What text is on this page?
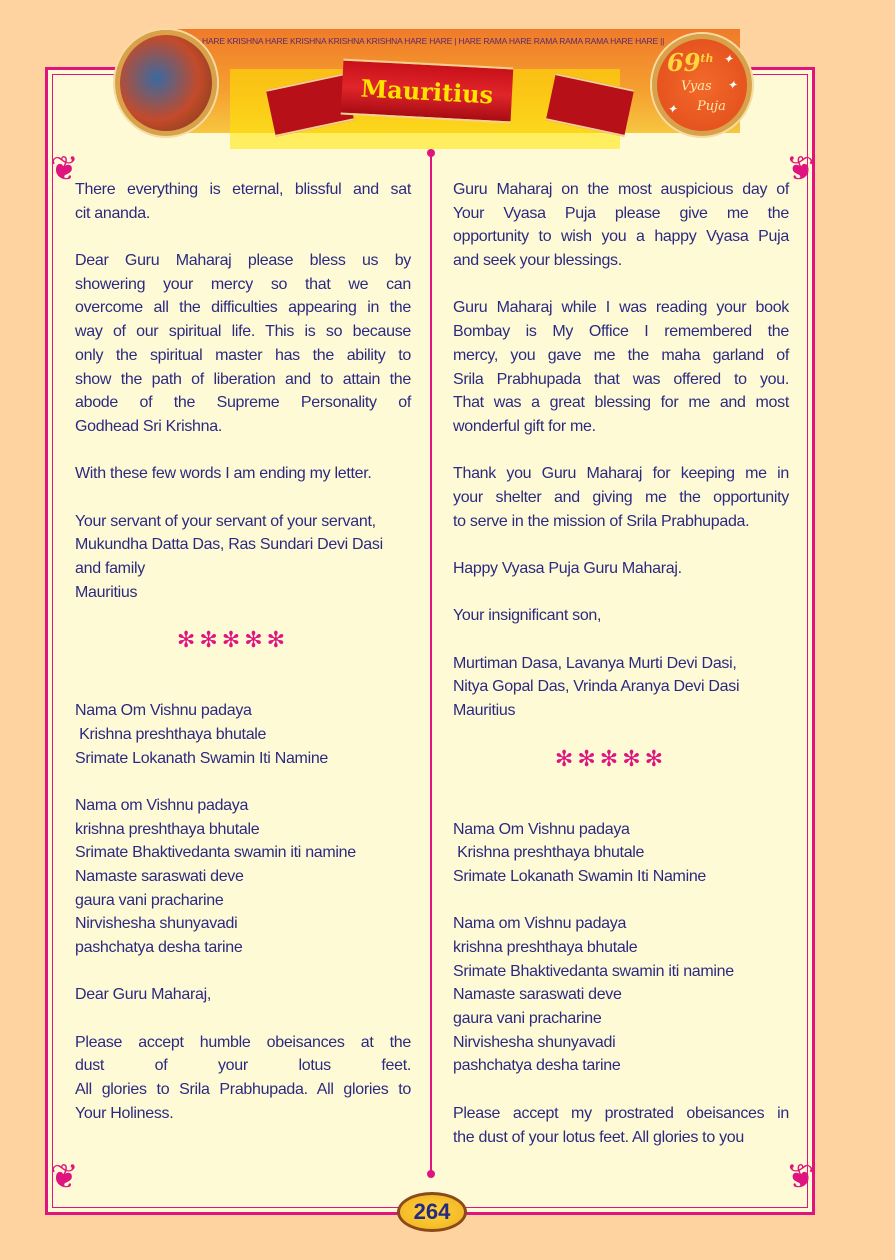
❦	❦
❦	❦
HARE KRISHNA HARE KRISHNA KRISHNA KRISHNA HARE HARE | HARE RAMA HARE RAMA RAMA RAMA HARE HARE ||
Mauritius
69th
Vyas
Puja
✦
✦
✦
There everything is eternal, blissful and sat
cit ananda.
Dear Guru Maharaj please bless us by
showering your mercy so that we can
overcome all the difficulties appearing in the
way of our spiritual life. This is so because
only the spiritual master has the ability to
show the path of liberation and to attain the
abode of the Supreme Personality of
Godhead Sri Krishna.
With these few words I am ending my letter.
Your servant of your servant of your servant,
Mukundha Datta Das, Ras Sundari Devi Dasi
and family
Mauritius
✻✻✻✻✻
Nama Om Vishnu padaya
Krishna preshthaya bhutale
Srimate Lokanath Swamin Iti Namine
Nama om Vishnu padaya
krishna preshthaya bhutale
Srimate Bhaktivedanta swamin iti namine
Namaste saraswati deve
gaura vani pracharine
Nirvishesha shunyavadi
pashchatya desha tarine
Dear Guru Maharaj,
Please accept humble obeisances at the
dust of your lotus feet.
All glories to Srila Prabhupada. All glories to
Your Holiness.
Guru Maharaj on the most auspicious day of
Your Vyasa Puja please give me the
opportunity to wish you a happy Vyasa Puja
and seek your blessings.
Guru Maharaj while I was reading your book
Bombay is My Office I remembered the
mercy, you gave me the maha garland of
Srila Prabhupada that was offered to you.
That was a great blessing for me and most
wonderful gift for me.
Thank you Guru Maharaj for keeping me in
your shelter and giving me the opportunity
to serve in the mission of Srila Prabhupada.
Happy Vyasa Puja Guru Maharaj.
Your insignificant son,
Murtiman Dasa, Lavanya Murti Devi Dasi,
Nitya Gopal Das, Vrinda Aranya Devi Dasi
Mauritius
✻✻✻✻✻
Nama Om Vishnu padaya
Krishna preshthaya bhutale
Srimate Lokanath Swamin Iti Namine
Nama om Vishnu padaya
krishna preshthaya bhutale
Srimate Bhaktivedanta swamin iti namine
Namaste saraswati deve
gaura vani pracharine
Nirvishesha shunyavadi
pashchatya desha tarine
Please accept my prostrated obeisances in
the dust of your lotus feet. All glories to you
264
